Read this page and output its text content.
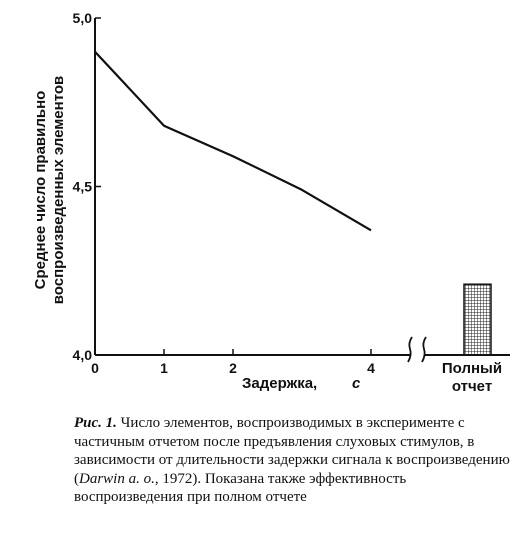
Среднее число правильно воспроизведенных элементов
4,0
4,5
5,0
0	1	2	4
Задержка, с
Полный
отчет
Рис. 1. Число элементов, воспроизводимых в эксперименте с частичным отчетом после предъявления слуховых стимулов, в зависимости от длительности задержки сигнала к воспроизведению (Darwin a. o., 1972). Показана также эффективность воспроизведения при полном отчете
